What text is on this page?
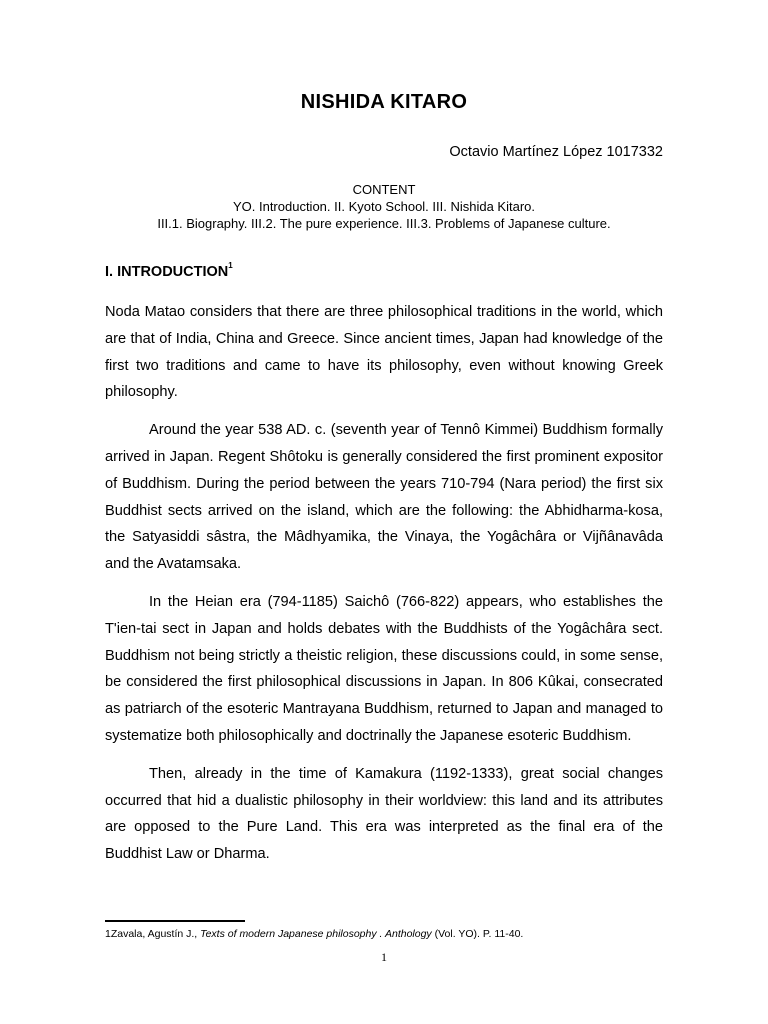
NISHIDA KITARO
Octavio Martínez López 1017332
CONTENT
YO. Introduction. II. Kyoto School. III. Nishida Kitaro.
III.1. Biography. III.2. The pure experience. III.3. Problems of Japanese culture.
I. INTRODUCTION$^1$

Noda Matao considers that there are three philosophical traditions in the world, which are that of India, China and Greece. Since ancient times, Japan had knowledge of the first two traditions and came to have its philosophy, even without knowing Greek philosophy.

Around the year 538 AD. c. (seventh year of Tennô Kimmei) Buddhism formally arrived in Japan. Regent Shôtoku is generally considered the first prominent expositor of Buddhism. During the period between the years 710-794 (Nara period) the first six Buddhist sects arrived on the island, which are the following: the Abhidharma-kosa, the Satyasiddi sâstra, the Mâdhyamika, the Vinaya, the Yogâchâra or Vijñânavâda and the Avatamsaka.

In the Heian era (794-1185) Saichô (766-822) appears, who establishes the T'ien-tai sect in Japan and holds debates with the Buddhists of the Yogâchâra sect. Buddhism not being strictly a theistic religion, these discussions could, in some sense, be considered the first philosophical discussions in Japan. In 806 Kûkai, consecrated as patriarch of the esoteric Mantrayana Buddhism, returned to Japan and managed to systematize both philosophically and doctrinally the Japanese esoteric Buddhism.

Then, already in the time of Kamakura (1192-1333), great social changes occurred that hid a dualistic philosophy in their worldview: this land and its attributes are opposed to the Pure Land. This era was interpreted as the final era of the Buddhist Law or Dharma.

1Zavala, Agustín J., Texts of modern Japanese philosophy . Anthology (Vol. YO). P. 11-40.
1
